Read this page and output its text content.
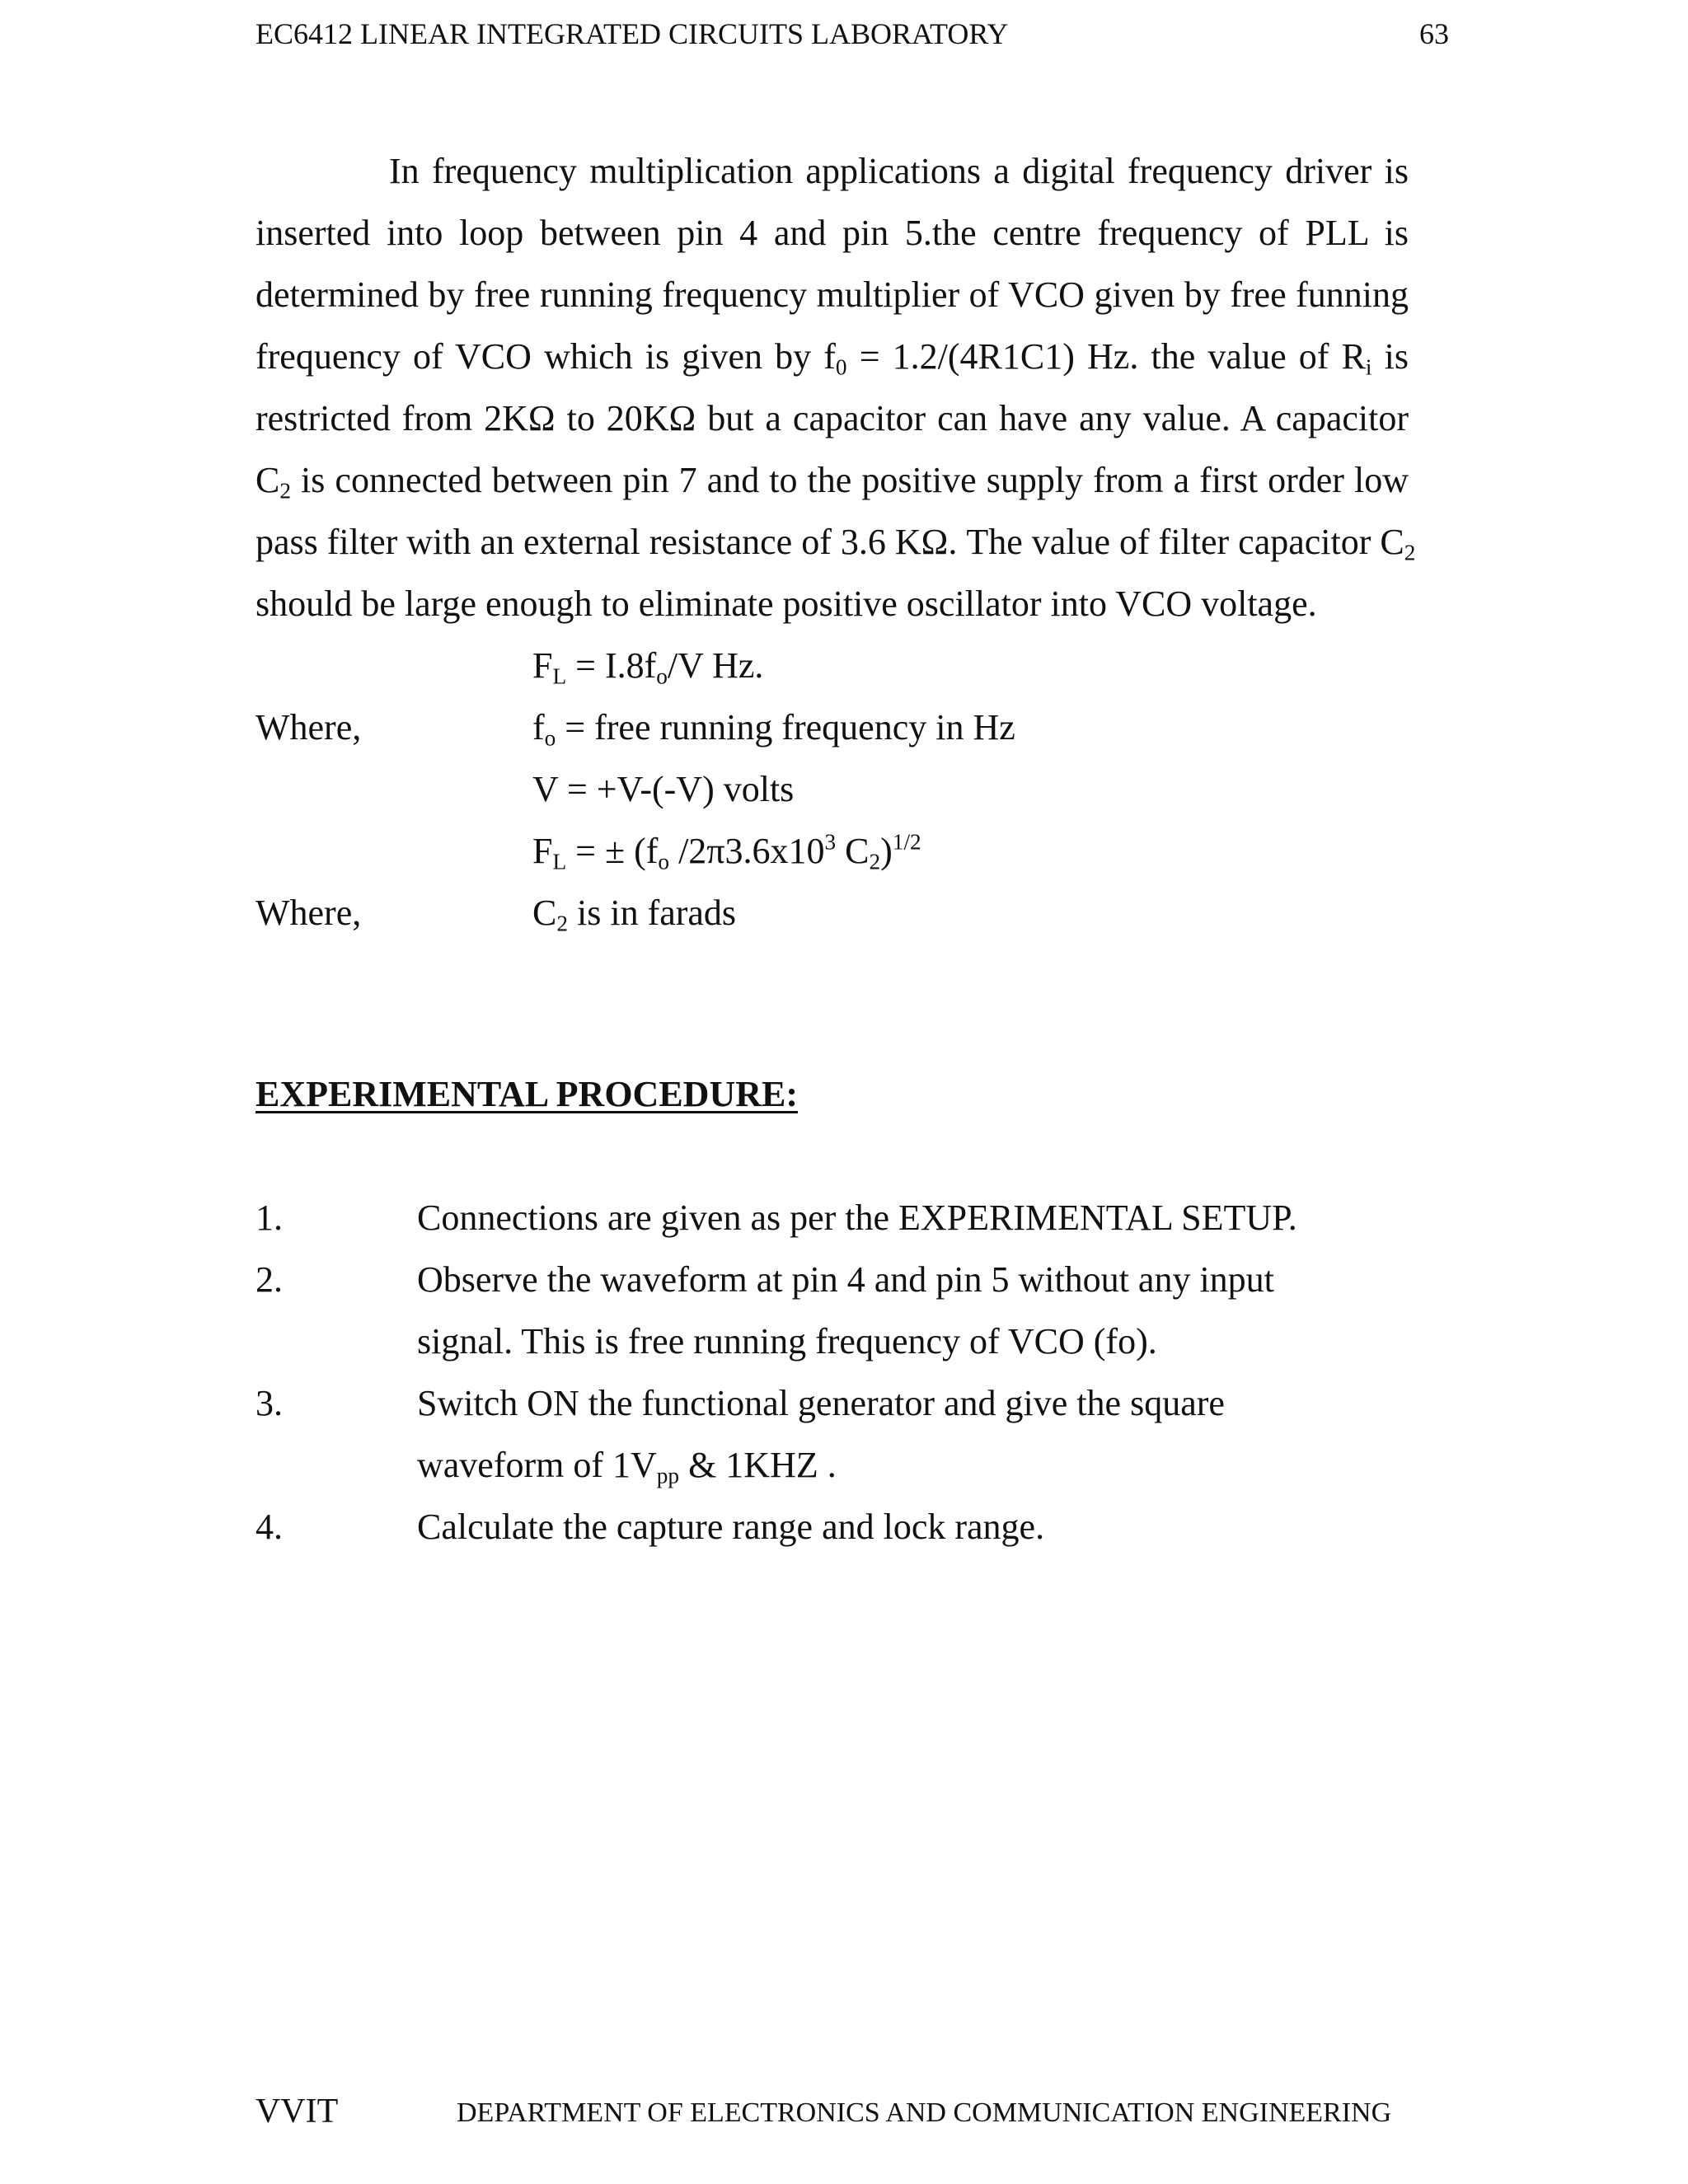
EC6412 LINEAR INTEGRATED CIRCUITS LABORATORY	63
In frequency multiplication applications a digital frequency driver is
inserted into loop between pin 4 and pin 5.the centre frequency of PLL is
determined by free running frequency multiplier of VCO given by free funning
frequency of VCO which is given by $f_0 = 1.2/(4R1C1)$ Hz. the value of $R_i$ is
restricted from 2KΩ to 20KΩ but a capacitor can have any value. A capacitor
$C_2$ is connected between pin 7 and to the positive supply from a first order low
pass filter with an external resistance of 3.6 KΩ. The value of filter capacitor $C_2$
should be large enough to eliminate positive oscillator into VCO voltage.
$F_L = I.8f_o/V$ Hz.
Where,	$f_o$ = free running frequency in Hz
V = +V-(-V) volts
$F_L$ = ± ($f_o$ $/2\pi 3.6x10^3$ $C_2)^{1/2}$
Where,	$C_2$ is in farads
EXPERIMENTAL PROCEDURE:
1.	Connections are given as per the EXPERIMENTAL SETUP.
2.	Observe the waveform at pin 4 and pin 5 without any input
signal. This is free running frequency of VCO (fo).
3.	Switch ON the functional generator and give the square
waveform of $1V_{pp}$ & 1KHZ .
4.	Calculate the capture range and lock range.
VVIT	DEPARTMENT OF ELECTRONICS AND COMMUNICATION ENGINEERING
